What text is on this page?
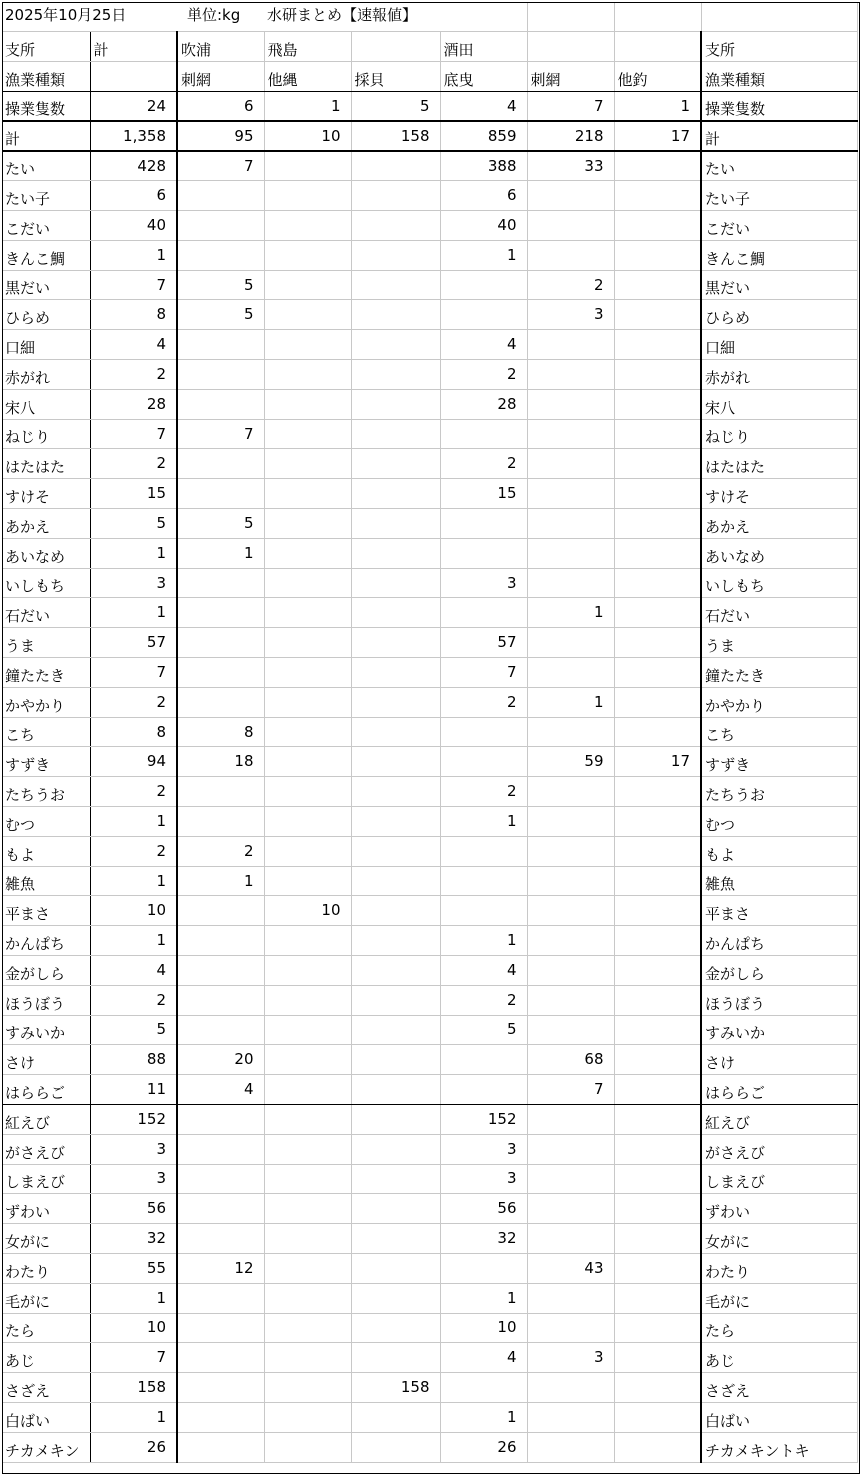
2025年10月25日		単位:kg	水研まとめ【速報値】					
支所	計	吹浦	飛島		酒田			支所
漁業種類		刺網	他縄	採貝	底曳	刺網	他釣	漁業種類
操業隻数	24	6	1	5	4	7	1	操業隻数
計	1,358	95	10	158	859	218	17	計
たい	428	7			388	33		たい
たい子	6				6			たい子
こだい	40				40			こだい
きんこ鯛	1				1			きんこ鯛
黒だい	7	5				2		黒だい
ひらめ	8	5				3		ひらめ
口細	4				4			口細
赤がれ	2				2			赤がれ
宋八	28				28			宋八
ねじり	7	7						ねじり
はたはた	2				2			はたはた
すけそ	15				15			すけそ
あかえ	5	5						あかえ
あいなめ	1	1						あいなめ
いしもち	3				3			いしもち
石だい	1					1		石だい
うま	57				57			うま
鐘たたき	7				7			鐘たたき
かやかり	2				2	1		かやかり
こち	8	8						こち
すずき	94	18				59	17	すずき
たちうお	2				2			たちうお
むつ	1				1			むつ
もよ	2	2						もよ
雑魚	1	1						雑魚
平まさ	10		10					平まさ
かんぱち	1				1			かんぱち
金がしら	4				4			金がしら
ほうぼう	2				2			ほうぼう
すみいか	5				5			すみいか
さけ	88	20				68		さけ
はららご	11	4				7		はららご
紅えび	152				152			紅えび
がさえび	3				3			がさえび
しまえび	3				3			しまえび
ずわい	56				56			ずわい
女がに	32				32			女がに
わたり	55	12				43		わたり
毛がに	1				1			毛がに
たら	10				10			たら
あじ	7				4	3		あじ
さざえ	158			158				さざえ
白ばい	1				1			白ばい
チカメキン	26				26			チカメキントキ
